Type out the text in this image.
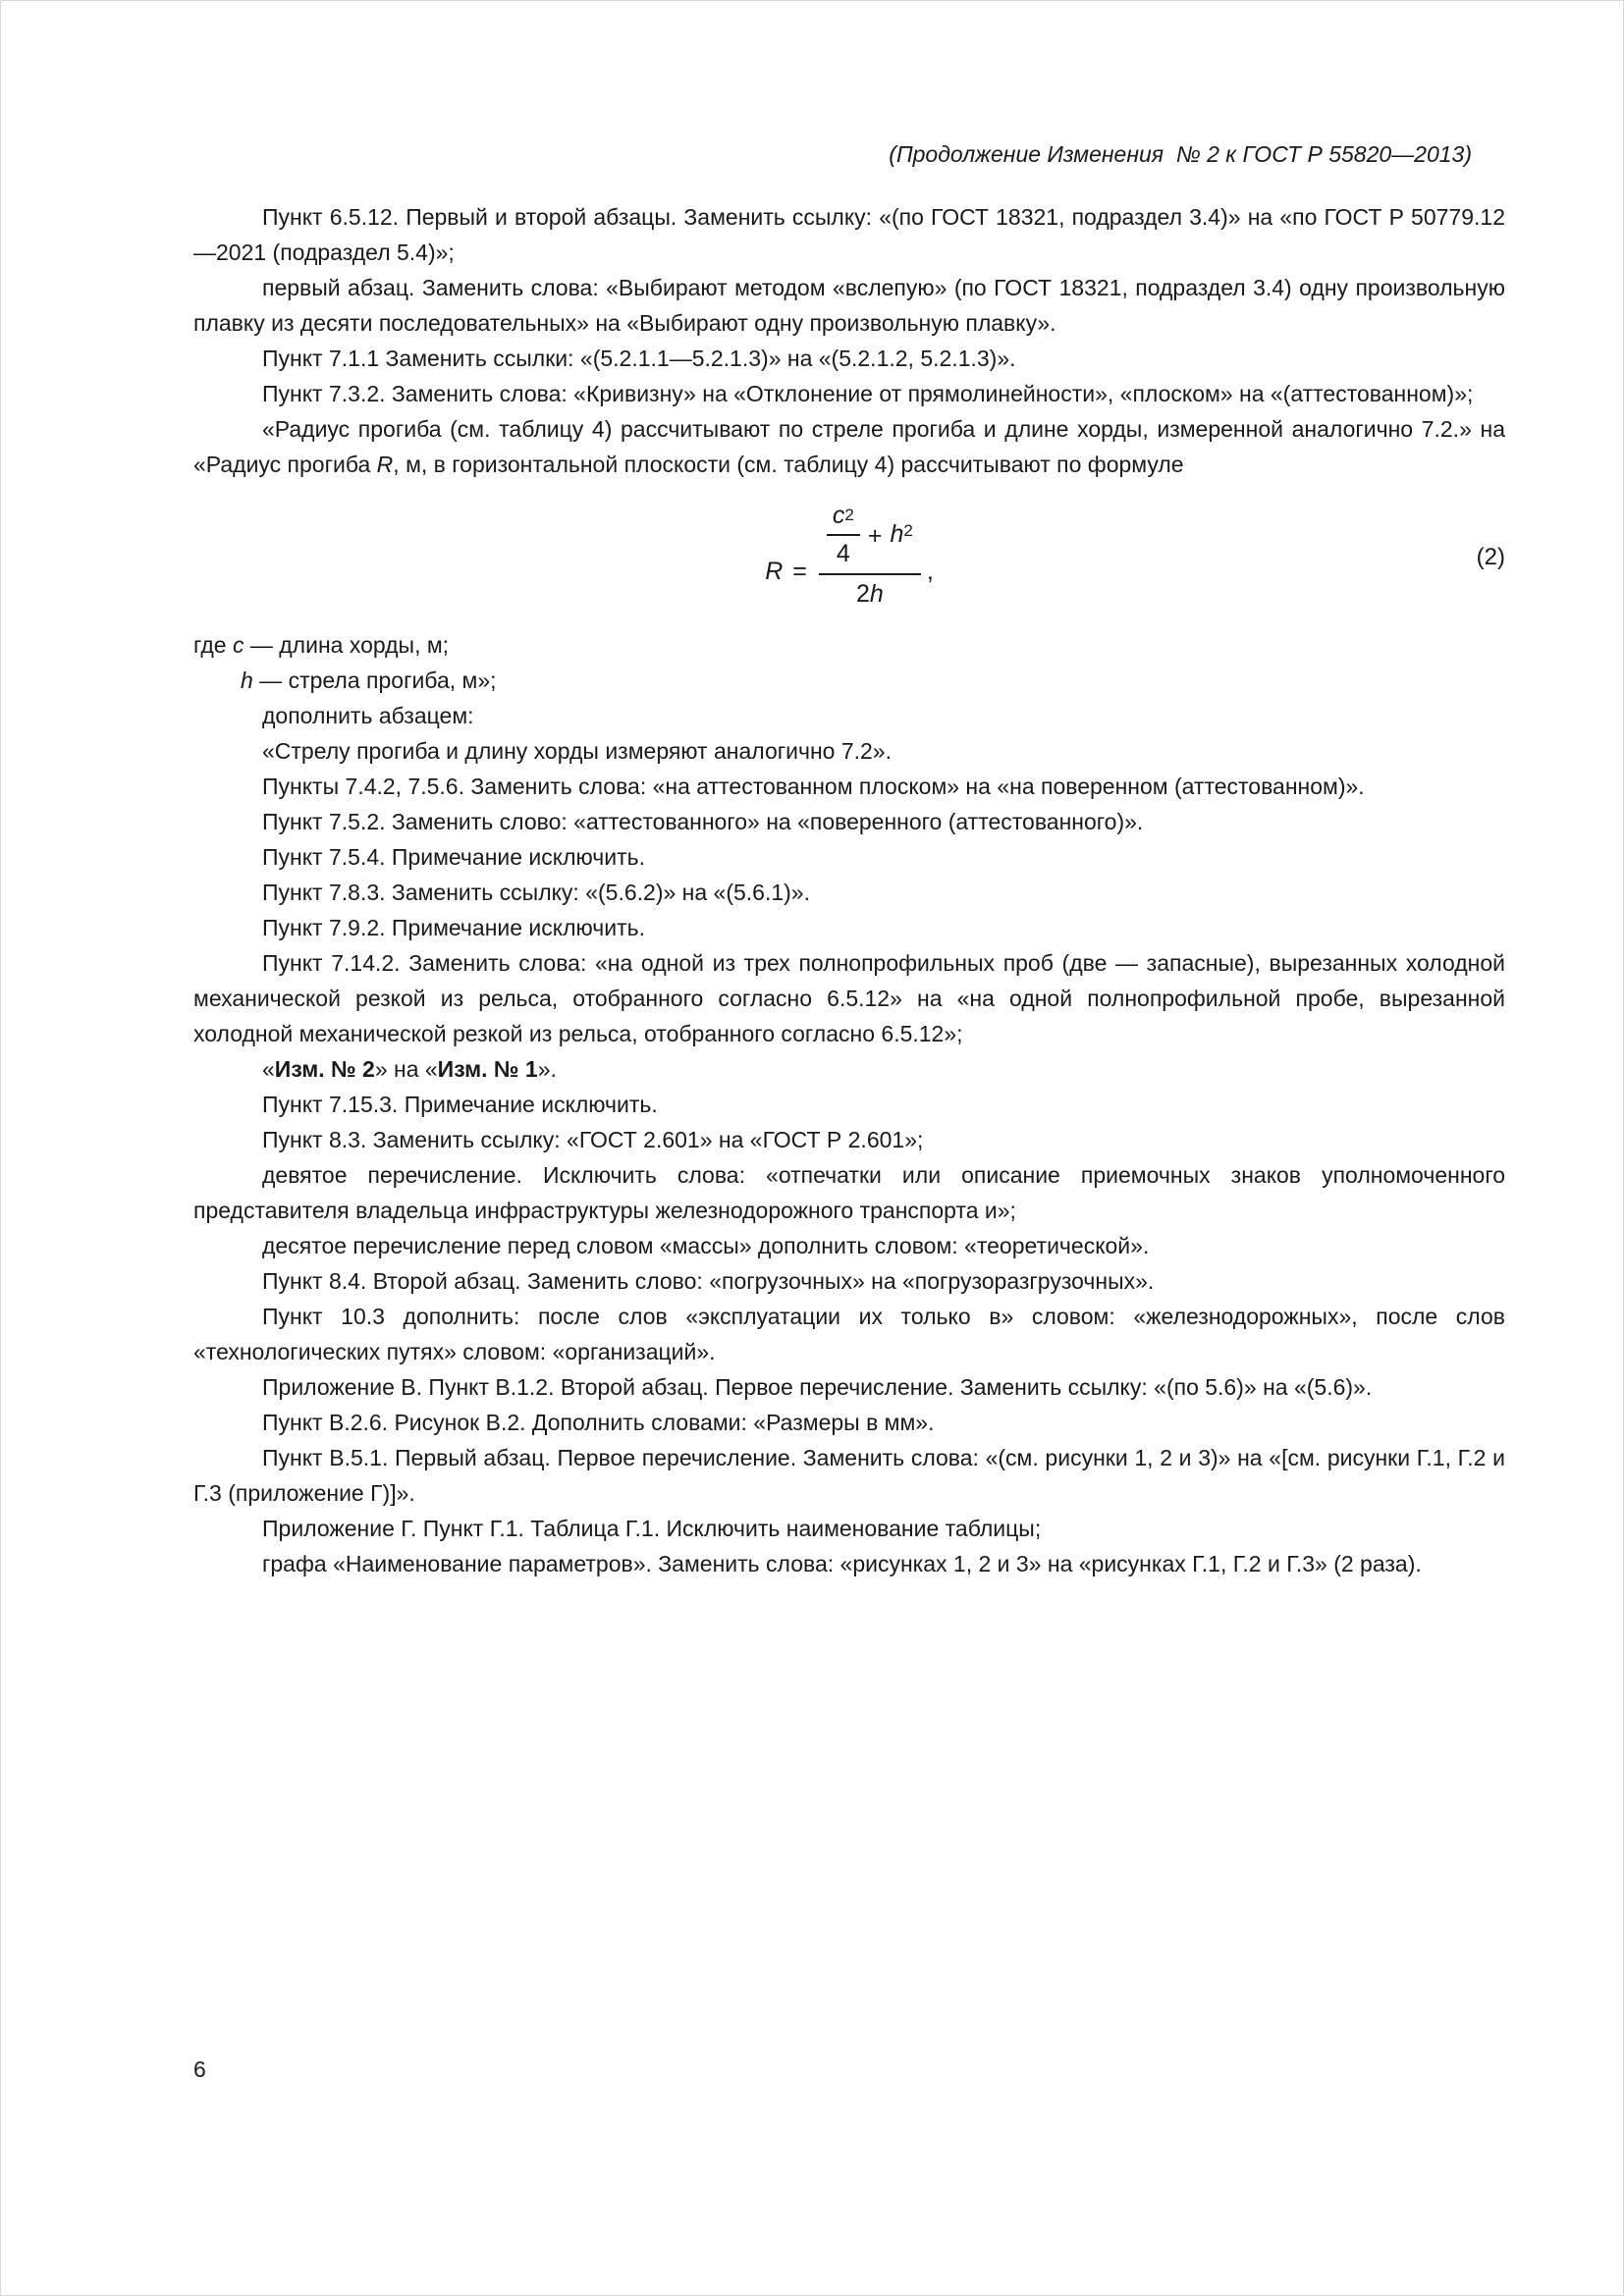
(Продолжение Изменения  № 2 к ГОСТ Р 55820—2013)

Пункт 6.5.12. Первый и второй абзацы. Заменить ссылку: «(по ГОСТ 18321, подраздел 3.4)» на «по ГОСТ Р 50779.12—2021 (подраздел 5.4)»;

первый абзац. Заменить слова: «Выбирают методом «вслепую» (по ГОСТ 18321, подраздел 3.4) одну произвольную плавку из десяти последовательных» на «Выбирают одну произвольную плавку».

Пункт 7.1.1 Заменить ссылки: «(5.2.1.1—5.2.1.3)» на «(5.2.1.2, 5.2.1.3)».

Пункт 7.3.2. Заменить слова: «Кривизну» на «Отклонение от прямолинейности», «плоском» на «(аттестованном)»;

«Радиус прогиба (см. таблицу 4) рассчитывают по стреле прогиба и длине хорды, измеренной аналогично 7.2.» на «Радиус прогиба R, м, в горизонтальной плоскости (см. таблицу 4) рассчитывают по формуле

R =
$\frac{c 2}{4} + h^2$
2h
,
(2)

где c — длина хорды, м;

h — стрела прогиба, м»;

дополнить абзацем:

«Стрелу прогиба и длину хорды измеряют аналогично 7.2».

Пункты 7.4.2, 7.5.6. Заменить слова: «на аттестованном плоском» на «на поверенном (аттестованном)».

Пункт 7.5.2. Заменить слово: «аттестованного» на «поверенного (аттестованного)».

Пункт 7.5.4. Примечание исключить.

Пункт 7.8.3. Заменить ссылку: «(5.6.2)» на «(5.6.1)».

Пункт 7.9.2. Примечание исключить.

Пункт 7.14.2. Заменить слова: «на одной из трех полнопрофильных проб (две — запасные), вырезанных холодной механической резкой из рельса, отобранного согласно 6.5.12» на «на одной полнопрофильной пробе, вырезанной холодной механической резкой из рельса, отобранного согласно 6.5.12»;

«Изм. № 2» на «Изм. № 1».

Пункт 7.15.3. Примечание исключить.

Пункт 8.3. Заменить ссылку: «ГОСТ 2.601» на «ГОСТ Р 2.601»;

девятое перечисление. Исключить слова: «отпечатки или описание приемочных знаков уполномоченного представителя владельца инфраструктуры железнодорожного транспорта и»;

десятое перечисление перед словом «массы» дополнить словом: «теоретической».

Пункт 8.4. Второй абзац. Заменить слово: «погрузочных» на «погрузоразгрузочных».

Пункт 10.3 дополнить: после слов «эксплуатации их только в» словом: «железнодорожных», после слов «технологических путях» словом: «организаций».

Приложение В. Пункт В.1.2. Второй абзац. Первое перечисление. Заменить ссылку: «(по 5.6)» на «(5.6)».

Пункт В.2.6. Рисунок В.2. Дополнить словами: «Размеры в мм».

Пункт В.5.1. Первый абзац. Первое перечисление. Заменить слова: «(см. рисунки 1, 2 и 3)» на «[см. рисунки Г.1, Г.2 и Г.3 (приложение Г)]».

Приложение Г. Пункт Г.1. Таблица Г.1. Исключить наименование таблицы;

графа «Наименование параметров». Заменить слова: «рисунках 1, 2 и 3» на «рисунках Г.1, Г.2 и Г.3» (2 раза).

6
